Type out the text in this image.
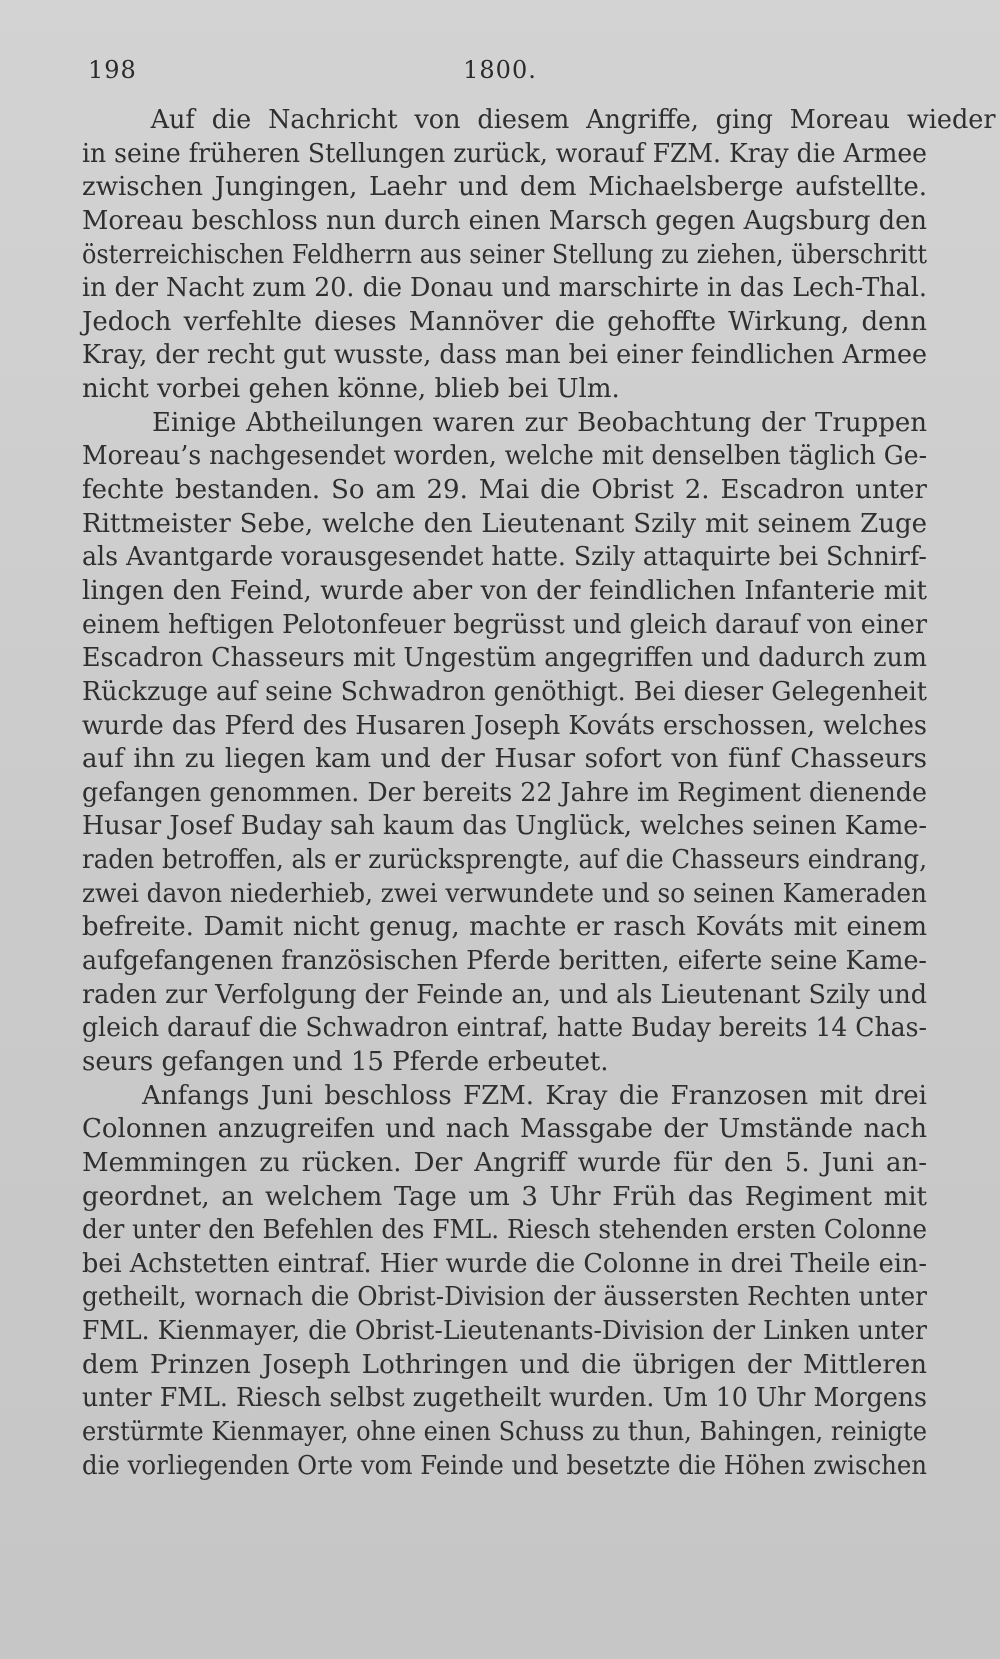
198	1800.
Auf die Nachricht von diesem Angriffe, ging Moreau wieder
in seine früheren Stellungen zurück, worauf FZM. Kray die Armee
zwischen Jungingen, Laehr und dem Michaelsberge aufstellte.
Moreau beschloss nun durch einen Marsch gegen Augsburg den
österreichischen Feldherrn aus seiner Stellung zu ziehen, überschritt
in der Nacht zum 20. die Donau und marschirte in das Lech-Thal.
Jedoch verfehlte dieses Mannöver die gehoffte Wirkung, denn
Kray, der recht gut wusste, dass man bei einer feindlichen Armee
nicht vorbei gehen könne, blieb bei Ulm.
Einige Abtheilungen waren zur Beobachtung der Truppen
Moreau’s nachgesendet worden, welche mit denselben täglich Ge-
fechte bestanden. So am 29. Mai die Obrist 2. Escadron unter
Rittmeister Sebe, welche den Lieutenant Szily mit seinem Zuge
als Avantgarde vorausgesendet hatte. Szily attaquirte bei Schnirf-
lingen den Feind, wurde aber von der feindlichen Infanterie mit
einem heftigen Pelotonfeuer begrüsst und gleich darauf von einer
Escadron Chasseurs mit Ungestüm angegriffen und dadurch zum
Rückzuge auf seine Schwadron genöthigt. Bei dieser Gelegenheit
wurde das Pferd des Husaren Joseph Kováts erschossen, welches
auf ihn zu liegen kam und der Husar sofort von fünf Chasseurs
gefangen genommen. Der bereits 22 Jahre im Regiment dienende
Husar Josef Buday sah kaum das Unglück, welches seinen Kame-
raden betroffen, als er zurücksprengte, auf die Chasseurs eindrang,
zwei davon niederhieb, zwei verwundete und so seinen Kameraden
befreite. Damit nicht genug, machte er rasch Kováts mit einem
aufgefangenen französischen Pferde beritten, eiferte seine Kame-
raden zur Verfolgung der Feinde an, und als Lieutenant Szily und
gleich darauf die Schwadron eintraf, hatte Buday bereits 14 Chas-
seurs gefangen und 15 Pferde erbeutet.
Anfangs Juni beschloss FZM. Kray die Franzosen mit drei
Colonnen anzugreifen und nach Massgabe der Umstände nach
Memmingen zu rücken. Der Angriff wurde für den 5. Juni an-
geordnet, an welchem Tage um 3 Uhr Früh das Regiment mit
der unter den Befehlen des FML. Riesch stehenden ersten Colonne
bei Achstetten eintraf. Hier wurde die Colonne in drei Theile ein-
getheilt, wornach die Obrist-Division der äussersten Rechten unter
FML. Kienmayer, die Obrist-Lieutenants-Division der Linken unter
dem Prinzen Joseph Lothringen und die übrigen der Mittleren
unter FML. Riesch selbst zugetheilt wurden. Um 10 Uhr Morgens
erstürmte Kienmayer, ohne einen Schuss zu thun, Bahingen, reinigte
die vorliegenden Orte vom Feinde und besetzte die Höhen zwischen
